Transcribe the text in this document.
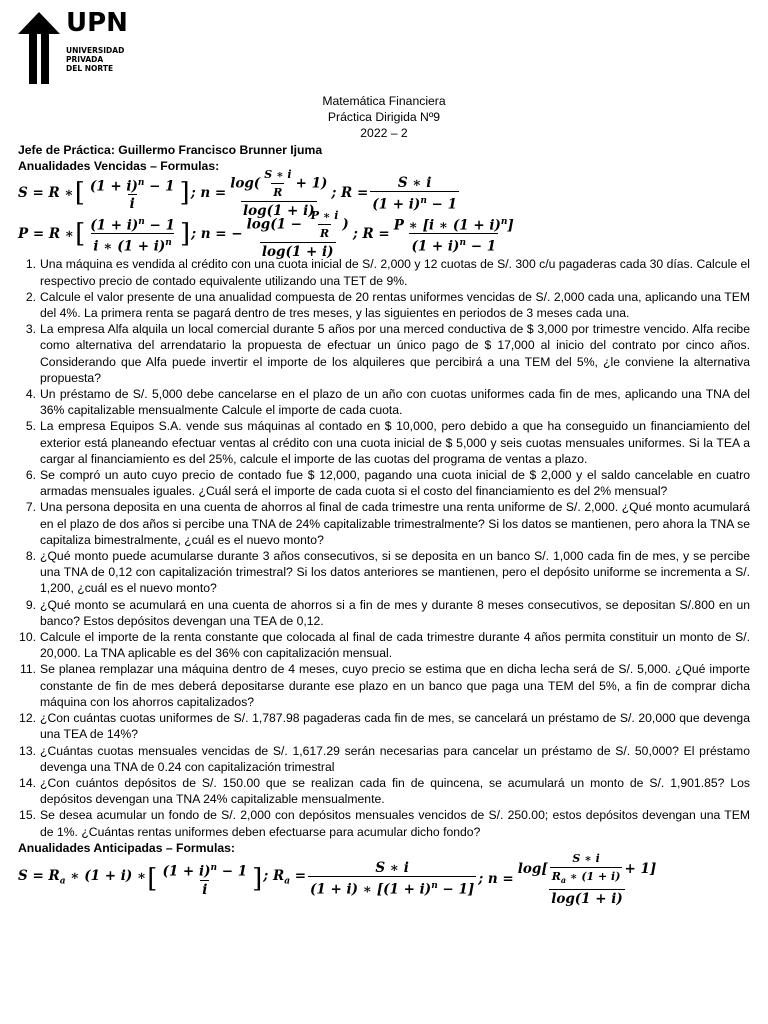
UPN
UNIVERSIDAD
PRIVADA
DEL NORTE
Matemática Financiera
Práctica Dirigida Nº9
2022 – 2
Jefe de Práctica: Guillermo Francisco Brunner Ijuma
Anualidades Vencidas – Formulas:
S = R ∗ [ $\frac{(1 + i)^n - 1}{i}$ ] ; $n = \frac{\log( \frac{S ∗ i}{R} + 1)}{\log(1 + i)}$ ; $R = \frac{S ∗ i}{(1 + i)^n - 1}$
P = R ∗ [ $\frac{(1 + i)^n - 1}{i ∗ (1 + i)^n}$ ] ; n = − $\frac{\log(1 - \frac{P ∗ i}{R} )}{\log(1 + i)}$ ; $R = \frac{P ∗ [i ∗ (1 + i)^n]}{(1 + i)^n - 1}$
1. Una máquina es vendida al crédito con una cuota inicial de S/. 2,000 y 12 cuotas de S/. 300 c/u pagaderas cada 30 días. Calcule el respectivo precio de contado equivalente utilizando una TET de 9%.
2. Calcule el valor presente de una anualidad compuesta de 20 rentas uniformes vencidas de S/. 2,000 cada una, aplicando una TEM del 4%. La primera renta se pagará dentro de tres meses, y las siguientes en periodos de 3 meses cada una.
3. La empresa Alfa alquila un local comercial durante 5 años por una merced conductiva de $ 3,000 por trimestre vencido. Alfa recibe como alternativa del arrendatario la propuesta de efectuar un único pago de $ 17,000 al inicio del contrato por cinco años. Considerando que Alfa puede invertir el importe de los alquileres que percibirá a una TEM del 5%, ¿le conviene la alternativa propuesta?
4. Un préstamo de S/. 5,000 debe cancelarse en el plazo de un año con cuotas uniformes cada fin de mes, aplicando una TNA del 36% capitalizable mensualmente Calcule el importe de cada cuota.
5. La empresa Equipos S.A. vende sus máquinas al contado en $ 10,000, pero debido a que ha conseguido un financiamiento del exterior está planeando efectuar ventas al crédito con una cuota inicial de $ 5,000 y seis cuotas mensuales uniformes. Si la TEA a cargar al financiamiento es del 25%, calcule el importe de las cuotas del programa de ventas a plazo.
6. Se compró un auto cuyo precio de contado fue $ 12,000, pagando una cuota inicial de $ 2,000 y el saldo cancelable en cuatro armadas mensuales iguales. ¿Cuál será el importe de cada cuota si el costo del financiamiento es del 2% mensual?
7. Una persona deposita en una cuenta de ahorros al final de cada trimestre una renta uniforme de S/. 2,000. ¿Qué monto acumulará en el plazo de dos años si percibe una TNA de 24% capitalizable trimestralmente? Si los datos se mantienen, pero ahora la TNA se capitaliza bimestralmente, ¿cuál es el nuevo monto?
8. ¿Qué monto puede acumularse durante 3 años consecutivos, si se deposita en un banco S/. 1,000 cada fin de mes, y se percibe una TNA de 0,12 con capitalización trimestral? Si los datos anteriores se mantienen, pero el depósito uniforme se incrementa a S/. 1,200, ¿cuál es el nuevo monto?
9. ¿Qué monto se acumulará en una cuenta de ahorros si a fin de mes y durante 8 meses consecutivos, se depositan S/.800 en un banco? Estos depósitos devengan una TEA de 0,12.
10. Calcule el importe de la renta constante que colocada al final de cada trimestre durante 4 años permita constituir un monto de S/. 20,000. La TNA aplicable es del 36% con capitalización mensual.
11. Se planea remplazar una máquina dentro de 4 meses, cuyo precio se estima que en dicha lecha será de S/. 5,000. ¿Qué importe constante de fin de mes deberá depositarse durante ese plazo en un banco que paga una TEM del 5%, a fin de comprar dicha máquina con los ahorros capitalizados?
12. ¿Con cuántas cuotas uniformes de S/. 1,787.98 pagaderas cada fin de mes, se cancelará un préstamo de S/. 20,000 que devenga una TEA de 14%?
13. ¿Cuántas cuotas mensuales vencidas de S/. 1,617.29 serán necesarias para cancelar un préstamo de S/. 50,000? El préstamo devenga una TNA de 0.24 con capitalización trimestral
14. ¿Con cuántos depósitos de S/. 150.00 que se realizan cada fin de quincena, se acumulará un monto de S/. 1,901.85? Los depósitos devengan una TNA 24% capitalizable mensualmente.
15. Se desea acumular un fondo de S/. 2,000 con depósitos mensuales vencidos de S/. 250.00; estos depósitos devengan una TEM de 1%. ¿Cuántas rentas uniformes deben efectuarse para acumular dicho fondo?
Anualidades Anticipadas – Formulas:
$S = R_a$ ∗ (1 + i) ∗ [ $\frac{(1 + i)^n - 1}{i}$ ] ; $R_a = \frac{S ∗ i}{(1 + i) ∗ [(1 + i)^n - 1]}$ ; $n = \frac{\log[ \frac{S ∗ i}{R_a ∗ (1 + i)} + 1]}{\log(1 + i)}$
